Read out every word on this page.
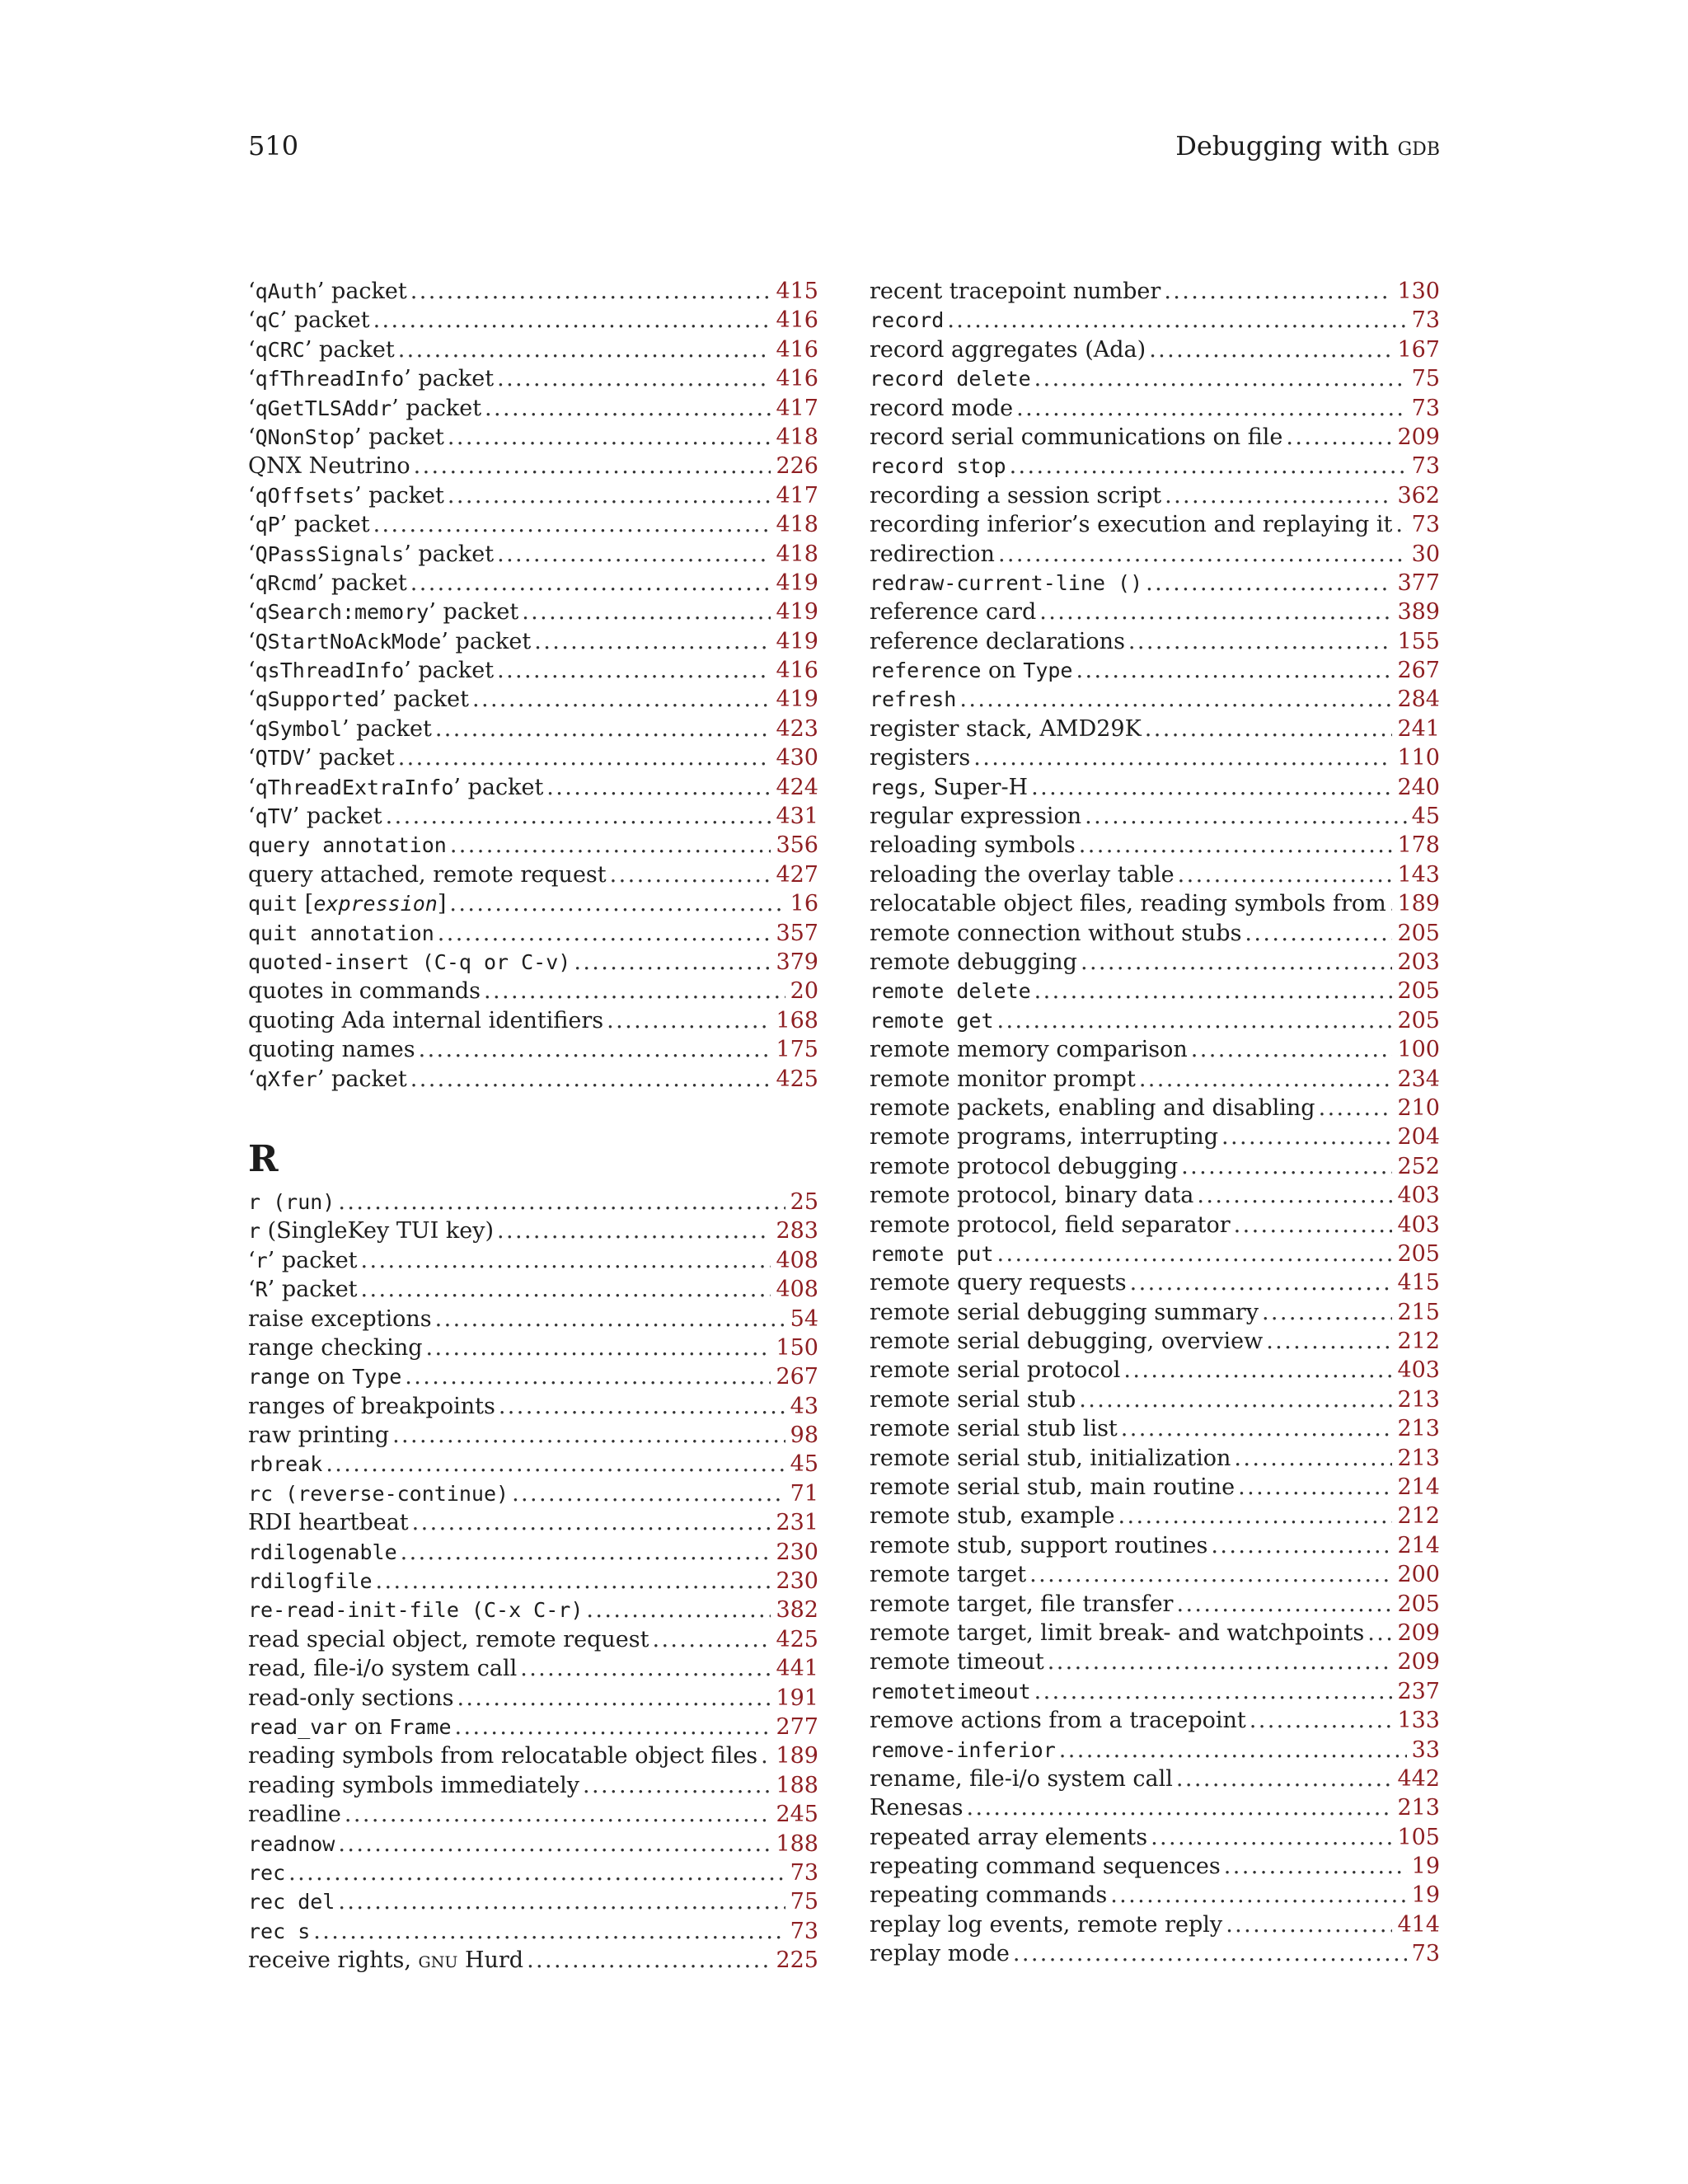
510	Debugging with gdb
‘qAuth’ packet .....	415
‘qC’ packet .....	416
‘qCRC’ packet .....	416
‘qfThreadInfo’ packet .....	416
‘qGetTLSAddr’ packet .....	417
‘QNonStop’ packet .....	418
QNX Neutrino .....	226
‘qOffsets’ packet .....	417
‘qP’ packet .....	418
‘QPassSignals’ packet .....	418
‘qRcmd’ packet .....	419
‘qSearch:memory’ packet .....	419
‘QStartNoAckMode’ packet .....	419
‘qsThreadInfo’ packet .....	416
‘qSupported’ packet .....	419
‘qSymbol’ packet .....	423
‘QTDV’ packet .....	430
‘qThreadExtraInfo’ packet .....	424
‘qTV’ packet .....	431
query annotation .....	356
query attached, remote request .....	427
quit [expression] .....	16
quit annotation .....	357
quoted-insert (C-q or C-v) .....	379
quotes in commands .....	20
quoting Ada internal identifiers .....	168
quoting names .....	175
‘qXfer’ packet .....	425
R
r (run) .....	25
r (SingleKey TUI key) .....	283
‘r’ packet .....	408
‘R’ packet .....	408
raise exceptions .....	54
range checking .....	150
range on Type .....	267
ranges of breakpoints .....	43
raw printing .....	98
rbreak .....	45
rc (reverse-continue) .....	71
RDI heartbeat .....	231
rdilogenable .....	230
rdilogfile .....	230
re-read-init-file (C-x C-r) .....	382
read special object, remote request .....	425
read, file-i/o system call .....	441
read-only sections .....	191
read_var on Frame .....	277
reading symbols from relocatable object files ..... 189
reading symbols immediately .....	188
readline .....	245
readnow .....	188
rec .....	73
rec del .....	75
rec s .....	73
receive rights, gnu Hurd .....	225
recent tracepoint number .....	130
record .....	73
record aggregates (Ada) .....	167
record delete .....	75
record mode .....	73
record serial communications on file .....	209
record stop .....	73
recording a session script .....	362
recording inferior’s execution and replaying it ..... 73
redirection .....	30
redraw-current-line () .....	377
reference card .....	389
reference declarations .....	155
reference on Type .....	267
refresh .....	284
register stack, AMD29K .....	241
registers .....	110
regs, Super-H .....	240
regular expression .....	45
reloading symbols .....	178
reloading the overlay table .....	143
relocatable object files, reading symbols from ..... 189
remote connection without stubs .....	205
remote debugging .....	203
remote delete .....	205
remote get .....	205
remote memory comparison .....	100
remote monitor prompt .....	234
remote packets, enabling and disabling .....	210
remote programs, interrupting .....	204
remote protocol debugging .....	252
remote protocol, binary data .....	403
remote protocol, field separator .....	403
remote put .....	205
remote query requests .....	415
remote serial debugging summary .....	215
remote serial debugging, overview .....	212
remote serial protocol .....	403
remote serial stub .....	213
remote serial stub list .....	213
remote serial stub, initialization .....	213
remote serial stub, main routine .....	214
remote stub, example .....	212
remote stub, support routines .....	214
remote target .....	200
remote target, file transfer .....	205
remote target, limit break- and watchpoints ..... 209
remote timeout .....	209
remotetimeout .....	237
remove actions from a tracepoint .....	133
remove-inferior .....	33
rename, file-i/o system call .....	442
Renesas .....	213
repeated array elements .....	105
repeating command sequences .....	19
repeating commands .....	19
replay log events, remote reply .....	414
replay mode .....	73
